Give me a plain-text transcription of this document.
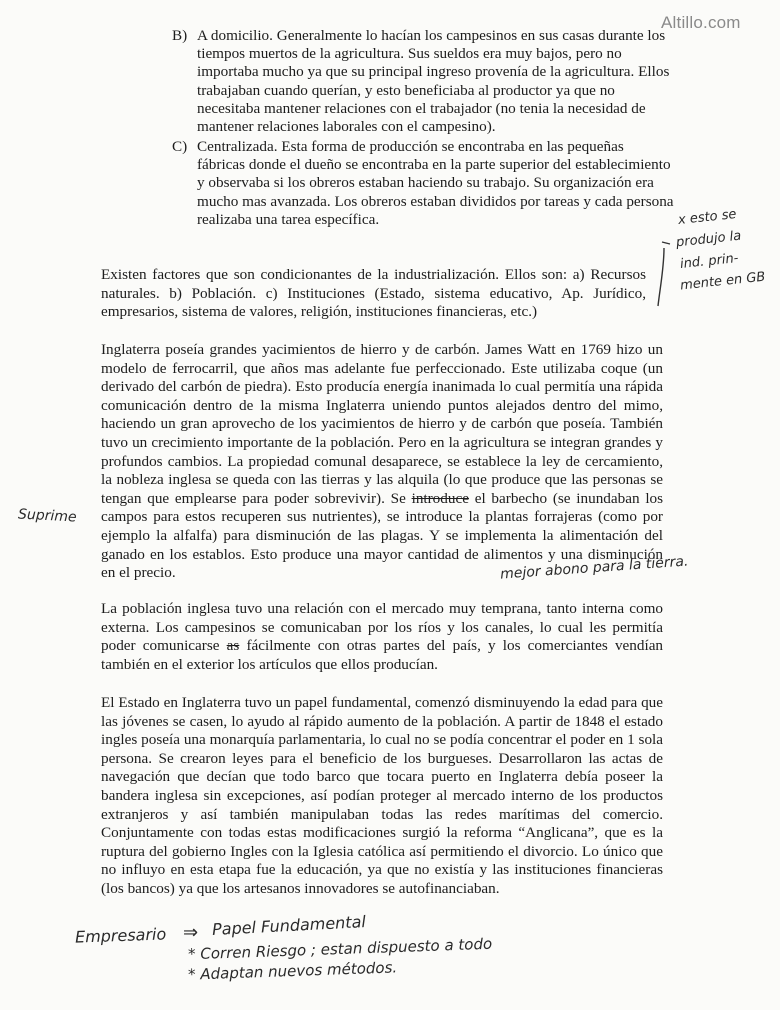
Altillo.com
B) A domicilio. Generalmente lo hacían los campesinos en sus casas durante los tiempos muertos de la agricultura. Sus sueldos era muy bajos, pero no importaba mucho ya que su principal ingreso provenía de la agricultura. Ellos trabajaban cuando querían, y esto beneficiaba al productor ya que no necesitaba mantener relaciones con el trabajador (no tenia la necesidad de mantener relaciones laborales con el campesino).
C) Centralizada. Esta forma de producción se encontraba en las pequeñas fábricas donde el dueño se encontraba en la parte superior del establecimiento y observaba si los obreros estaban haciendo su trabajo. Su organización era mucho mas avanzada. Los obreros estaban divididos por tareas y cada persona realizaba una tarea específica.
Existen factores que son condicionantes de la industrialización. Ellos son: a) Recursos naturales. b) Población. c) Instituciones (Estado, sistema educativo, Ap. Jurídico, empresarios, sistema de valores, religión, instituciones financieras, etc.)
Inglaterra poseía grandes yacimientos de hierro y de carbón. James Watt en 1769 hizo un modelo de ferrocarril, que años mas adelante fue perfeccionado. Este utilizaba coque (un derivado del carbón de piedra). Esto producía energía inanimada lo cual permitía una rápida comunicación dentro de la misma Inglaterra uniendo puntos alejados dentro del mimo, haciendo un gran aprovecho de los yacimientos de hierro y de carbón que poseía. También tuvo un crecimiento importante de la población. Pero en la agricultura se integran grandes y profundos cambios. La propiedad comunal desaparece, se establece la ley de cercamiento, la nobleza inglesa se queda con las tierras y las alquila (lo que produce que las personas se tengan que emplearse para poder sobrevivir). Se introduce el barbecho (se inundaban los campos para estos recuperen sus nutrientes), se introduce la plantas forrajeras (como por ejemplo la alfalfa) para disminución de las plagas. Y se implementa la alimentación del ganado en los establos. Esto produce una mayor cantidad de alimentos y una disminución en el precio.
La población inglesa tuvo una relación con el mercado muy temprana, tanto interna como externa. Los campesinos se comunicaban por los ríos y los canales, lo cual les permitía poder comunicarse as fácilmente con otras partes del país, y los comerciantes vendían también en el exterior los artículos que ellos producían.
El Estado en Inglaterra tuvo un papel fundamental, comenzó disminuyendo la edad para que las jóvenes se casen, lo ayudo al rápido aumento de la población. A partir de 1848 el estado ingles poseía una monarquía parlamentaria, lo cual no se podía concentrar el poder en 1 sola persona. Se crearon leyes para el beneficio de los burgueses. Desarrollaron las actas de navegación que decían que todo barco que tocara puerto en Inglaterra debía poseer la bandera inglesa sin excepciones, así podían proteger al mercado interno de los productos extranjeros y así también manipulaban todas las redes marítimas del comercio. Conjuntamente con todas estas modificaciones surgió la reforma “Anglicana”, que es la ruptura del gobierno Ingles con la Iglesia católica así permitiendo el divorcio. Lo único que no influyo en esta etapa fue la educación, ya que no existía y las instituciones financieras (los bancos) ya que los artesanos innovadores se autofinanciaban.
x esto se
produjo la
ind. prin-
mente en GB
Suprime
mejor abono para la tierra.
Empresario ⇒ Papel Fundamental
* Corren Riesgo ; estan dispuesto a todo
* Adaptan nuevos métodos.
